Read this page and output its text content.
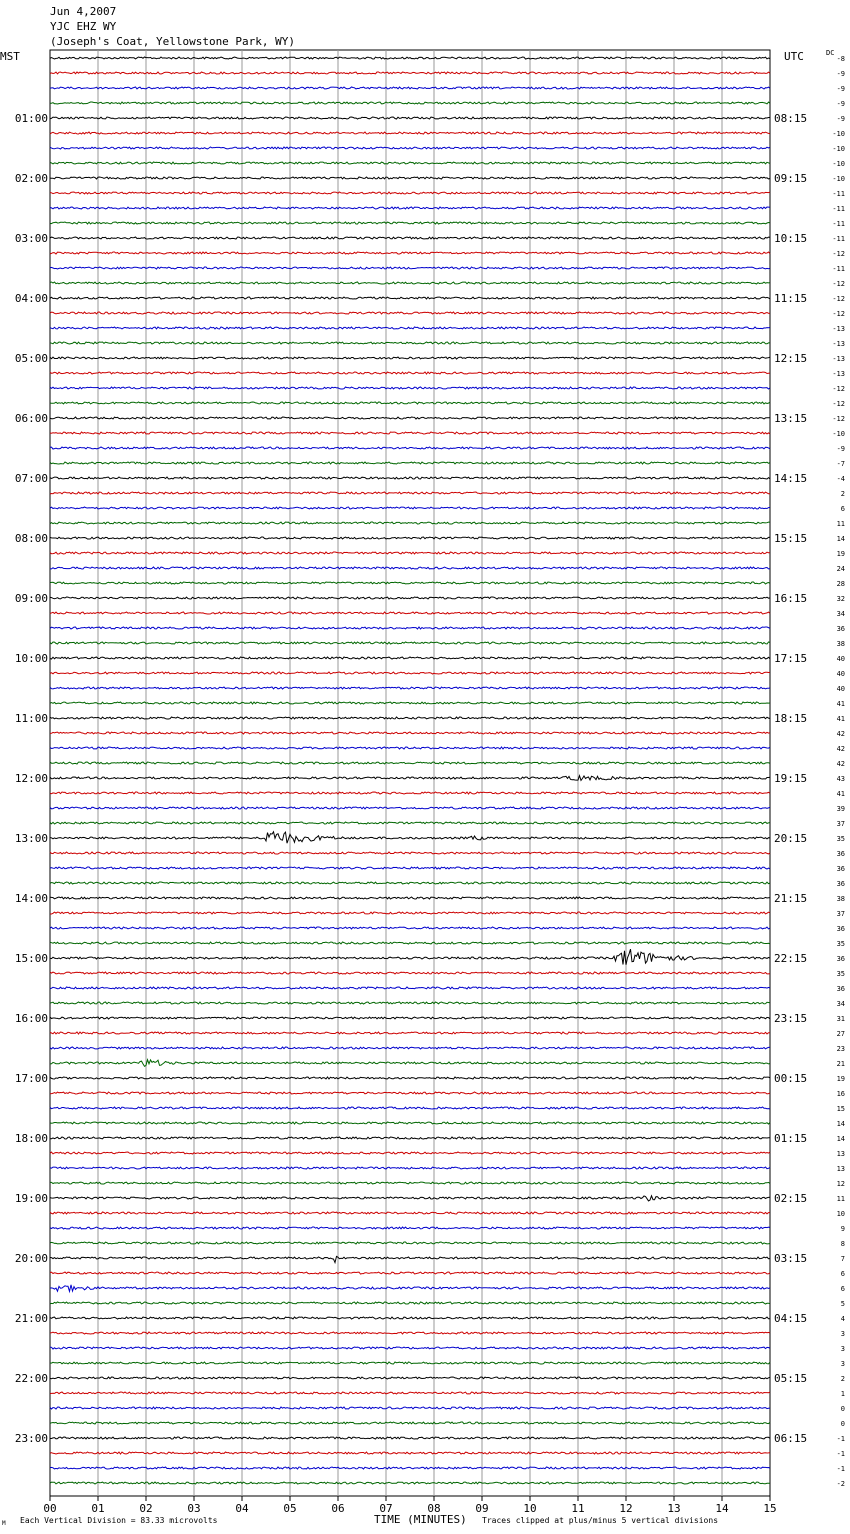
Jun 4,2007
YJC EHZ WY
(Joseph's Coat, Yellowstone Park, WY)
MST	UTC	DC
00	01	02	03	04	05	06	07	08	09	10	11	12	13	14	15
01:00
02:00
03:00
04:00
05:00
06:00
07:00
08:00
09:00
10:00
11:00
12:00
13:00
14:00
15:00
16:00
17:00
18:00
19:00
20:00
21:00
22:00
23:00
08:15
09:15
10:15
11:15
12:15
13:15
14:15
15:15
16:15
17:15
18:15
19:15
20:15
21:15
22:15
23:15
00:15
01:15
02:15
03:15
04:15
05:15
06:15
-8
-9
-9
-9
-9
-10
-10
-10
-10
-11
-11
-11
-11
-12
-11
-12
-12
-12
-13
-13
-13
-13
-12
-12
-12
-10
-9
-7
-4
2
6
11
14
19
24
28
32
34
36
38
40
40
40
41
41
42
42
42
43
41
39
37
35
36
36
36
38
37
36
35
36
35
36
34
31
27
23
21
19
16
15
14
14
13
13
12
11
10
9
8
7
6
6
5
4
3
3
3
2
1
0
0
-1
-1
-1
-2
M Each Vertical Division = 83.33 microvolts	TIME (MINUTES) Traces clipped at plus/minus 5 vertical divisions
